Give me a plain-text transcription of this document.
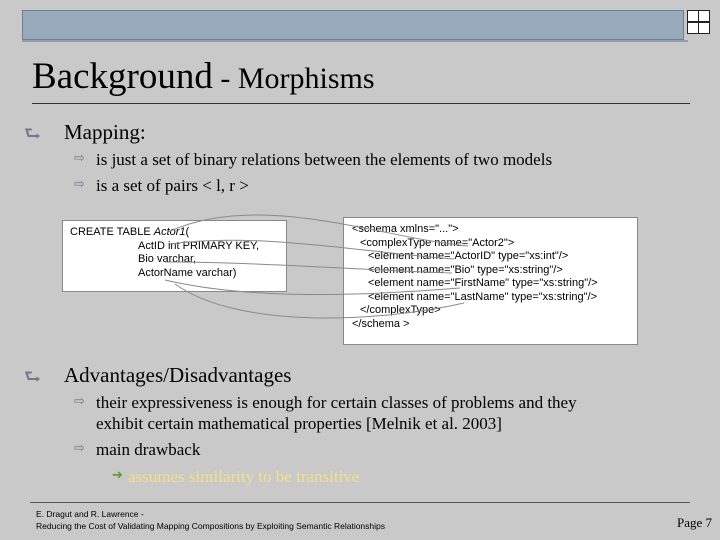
Background - Morphisms
⮑ Mapping:
⇨ is just a set of binary relations between the elements of two models
⇨ is a set of pairs < l, r >
CREATE TABLE Actor1(
ActID int PRIMARY KEY,
Bio varchar,
ActorName varchar)
<schema xmlns="...">
<complexType name="Actor2">
<element name="ActorID" type="xs:int"/>
<element name="Bio" type="xs:string"/>
<element name="FirstName" type="xs:string"/>
<element name="LastName" type="xs:string"/>
</complexType>
</schema >
⮑ Advantages/Disadvantages
⇨ their expressiveness is enough for certain classes of problems and they
exhibit certain mathematical properties [Melnik et al. 2003]
⇨ main drawback
➔ assumes similarity to be transitive
E. Dragut and R. Lawrence -
Reducing the Cost of Validating Mapping Compositions by Exploiting Semantic Relationships	Page 7
